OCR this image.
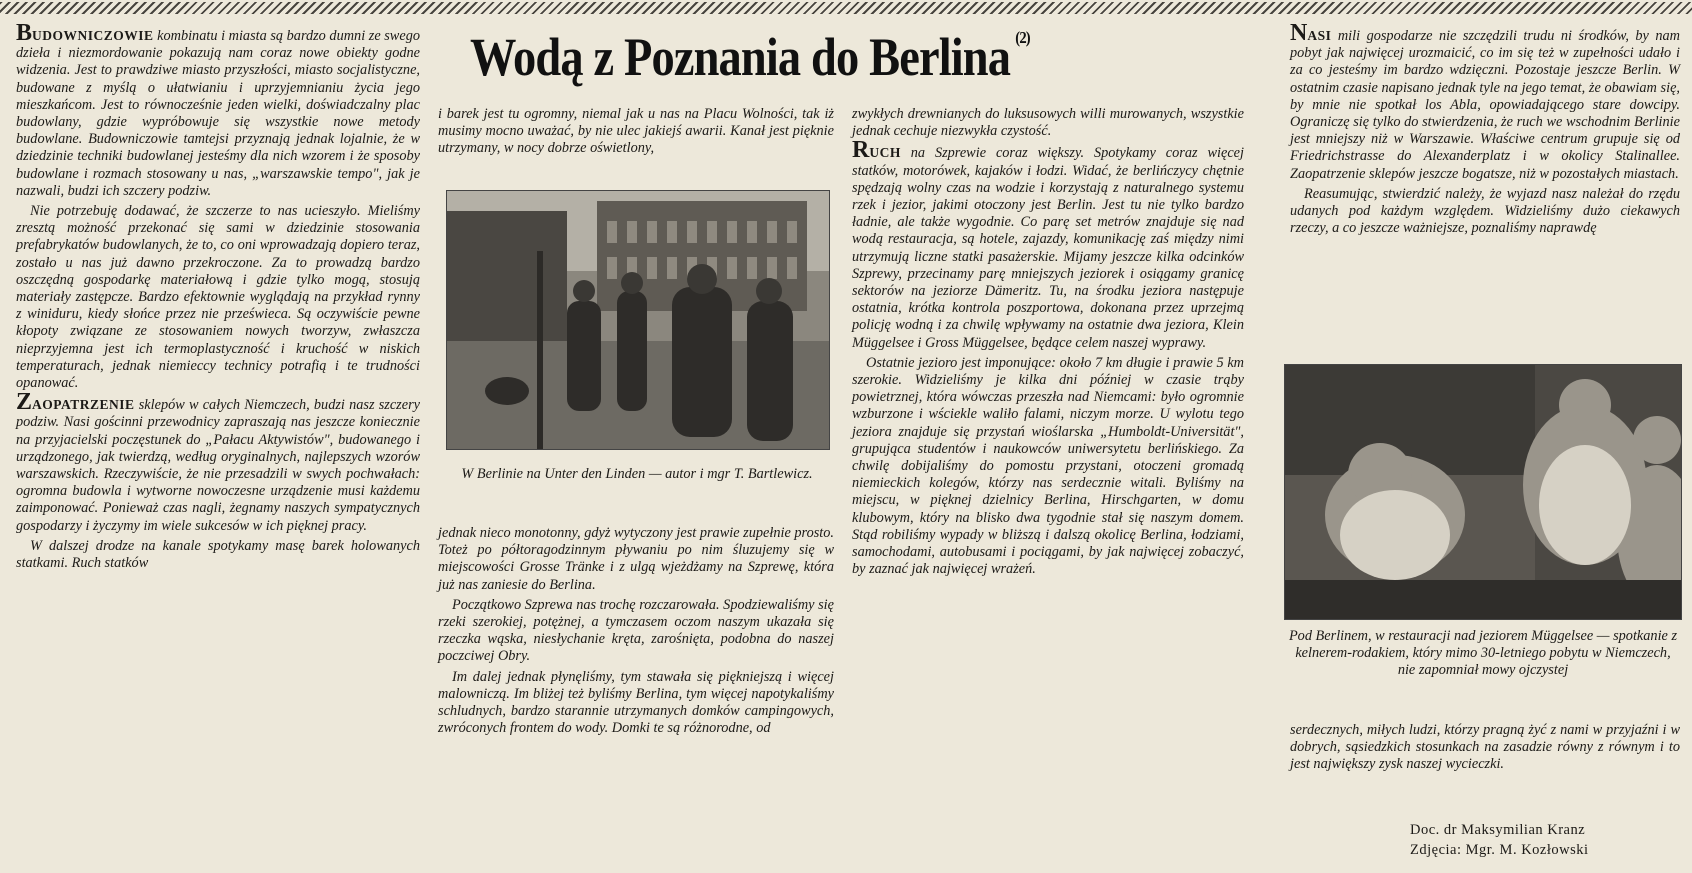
Wodą z Poznania do Berlina $^{(2)}$

BUDOWNICZOWIE kombinatu i miasta są bardzo dumni ze swego dzieła i niezmordowanie pokazują nam coraz nowe obiekty godne widzenia. Jest to prawdziwe miasto przyszłości, miasto socjalistyczne, budowane z myślą o ułatwianiu i uprzyjemnianiu życia jego mieszkańcom. Jest to równocześnie jeden wielki, doświadczalny plac budowlany, gdzie wypróbowuje się wszystkie nowe metody budowlane. Budowniczowie tamtejsi przyznają jednak lojalnie, że w dziedzinie techniki budowlanej jesteśmy dla nich wzorem i że sposoby budowlane i rozmach stosowany u nas, „warszawskie tempo", jak je nazwali, budzi ich szczery podziw.

Nie potrzebuję dodawać, że szczerze to nas ucieszyło. Mieliśmy zresztą możność przekonać się sami w dziedzinie stosowania prefabrykatów budowlanych, że to, co oni wprowadzają dopiero teraz, zostało u nas już dawno przekroczone. Za to prowadzą bardzo oszczędną gospodarkę materiałową i gdzie tylko mogą, stosują materiały zastępcze. Bardzo efektownie wyglądają na przykład rynny z winiduru, kiedy słońce przez nie prześwieca. Są oczywiście pewne kłopoty związane ze stosowaniem nowych tworzyw, zwłaszcza nieprzyjemna jest ich termoplastyczność i kruchość w niskich temperaturach, jednak niemieccy technicy potrafią i te trudności opanować.

ZAOPATRZENIE sklepów w całych Niemczech, budzi nasz szczery podziw. Nasi gościnni przewodnicy zapraszają nas jeszcze koniecznie na przyjacielski poczęstunek do „Pałacu Aktywistów", budowanego i urządzonego, jak twierdzą, według oryginalnych, najlepszych wzorów warszawskich. Rzeczywiście, że nie przesadzili w swych pochwałach: ogromna budowla i wytworne nowoczesne urządzenie musi każdemu zaimponować. Ponieważ czas nagli, żegnamy naszych sympatycznych gospodarzy i życzymy im wiele sukcesów w ich pięknej pracy.

W dalszej drodze na kanale spotykamy masę barek holowanych statkami. Ruch statków

i barek jest tu ogromny, niemal jak u nas na Placu Wolności, tak iż musimy mocno uważać, by nie ulec jakiejś awarii. Kanał jest pięknie utrzymany, w nocy dobrze oświetlony,

W Berlinie na Unter den Linden — autor i mgr T. Bartlewicz.

jednak nieco monotonny, gdyż wytyczony jest prawie zupełnie prosto. Toteż po półtoragodzinnym pływaniu po nim śluzujemy się w miejscowości Grosse Tränke i z ulgą wjeżdżamy na Szprewę, która już nas zaniesie do Berlina.

Początkowo Szprewa nas trochę rozczarowała. Spodziewaliśmy się rzeki szerokiej, potężnej, a tymczasem oczom naszym ukazała się rzeczka wąska, niesłychanie kręta, zarośnięta, podobna do naszej poczciwej Obry.

Im dalej jednak płynęliśmy, tym stawała się piękniejszą i więcej malowniczą. Im bliżej też byliśmy Berlina, tym więcej napotykaliśmy schludnych, bardzo starannie utrzymanych domków campingowych, zwróconych frontem do wody. Domki te są różnorodne, od

zwykłych drewnianych do luksusowych willi murowanych, wszystkie jednak cechuje niezwykła czystość.

RUCH na Szprewie coraz większy. Spotykamy coraz więcej statków, motorówek, kajaków i łodzi. Widać, że berlińczycy chętnie spędzają wolny czas na wodzie i korzystają z naturalnego systemu rzek i jezior, jakimi otoczony jest Berlin. Jest tu nie tylko bardzo ładnie, ale także wygodnie. Co parę set metrów znajduje się nad wodą restauracja, są hotele, zajazdy, komunikację zaś między nimi utrzymują liczne statki pasażerskie. Mijamy jeszcze kilka odcinków Szprewy, przecinamy parę mniejszych jeziorek i osiągamy granicę sektorów na jeziorze Dämeritz. Tu, na środku jeziora następuje ostatnia, krótka kontrola poszportowa, dokonana przez uprzejmą policję wodną i za chwilę wpływamy na ostatnie dwa jeziora, Klein Müggelsee i Gross Müggelsee, będące celem naszej wyprawy.

Ostatnie jezioro jest imponujące: około 7 km długie i prawie 5 km szerokie. Widzieliśmy je kilka dni później w czasie trąby powietrznej, która wówczas przeszła nad Niemcami: było ogromnie wzburzone i wściekle waliło falami, niczym morze. U wylotu tego jeziora znajduje się przystań wioślarska „Humboldt-Universität", grupująca studentów i naukowców uniwersytetu berlińskiego. Za chwilę dobijaliśmy do pomostu przystani, otoczeni gromadą niemieckich kolegów, którzy nas serdecznie witali. Byliśmy na miejscu, w pięknej dzielnicy Berlina, Hirschgarten, w domu klubowym, który na blisko dwa tygodnie stał się naszym domem. Stąd robiliśmy wypady w bliższą i dalszą okolicę Berlina, łodziami, samochodami, autobusami i pociągami, by jak najwięcej zobaczyć, by zaznać jak najwięcej wrażeń.

NASI mili gospodarze nie szczędzili trudu ni środków, by nam pobyt jak najwięcej urozmaicić, co im się też w zupełności udało i za co jesteśmy im bardzo wdzięczni. Pozostaje jeszcze Berlin. W ostatnim czasie napisano jednak tyle na jego temat, że obawiam się, by mnie nie spotkał los Abla, opowiadającego stare dowcipy. Ograniczę się tylko do stwierdzenia, że ruch we wschodnim Berlinie jest mniejszy niż w Warszawie. Właściwe centrum grupuje się od Friedrichstrasse do Alexanderplatz i w okolicy Stalinallee. Zaopatrzenie sklepów jeszcze bogatsze, niż w pozostałych miastach.

Reasumując, stwierdzić należy, że wyjazd nasz należał do rzędu udanych pod każdym względem. Widzieliśmy dużo ciekawych rzeczy, a co jeszcze ważniejsze, poznaliśmy naprawdę

Pod Berlinem, w restauracji nad jeziorem Müggelsee — spotkanie z kelnerem-rodakiem, który mimo 30-letniego pobytu w Niemczech, nie zapomniał mowy ojczystej

serdecznych, miłych ludzi, którzy pragną żyć z nami w przyjaźni i w dobrych, sąsiedzkich stosunkach na zasadzie równy z równym i to jest największy zysk naszej wycieczki.

Doc. dr Maksymilian Kranz
Zdjęcia: Mgr. M. Kozłowski
